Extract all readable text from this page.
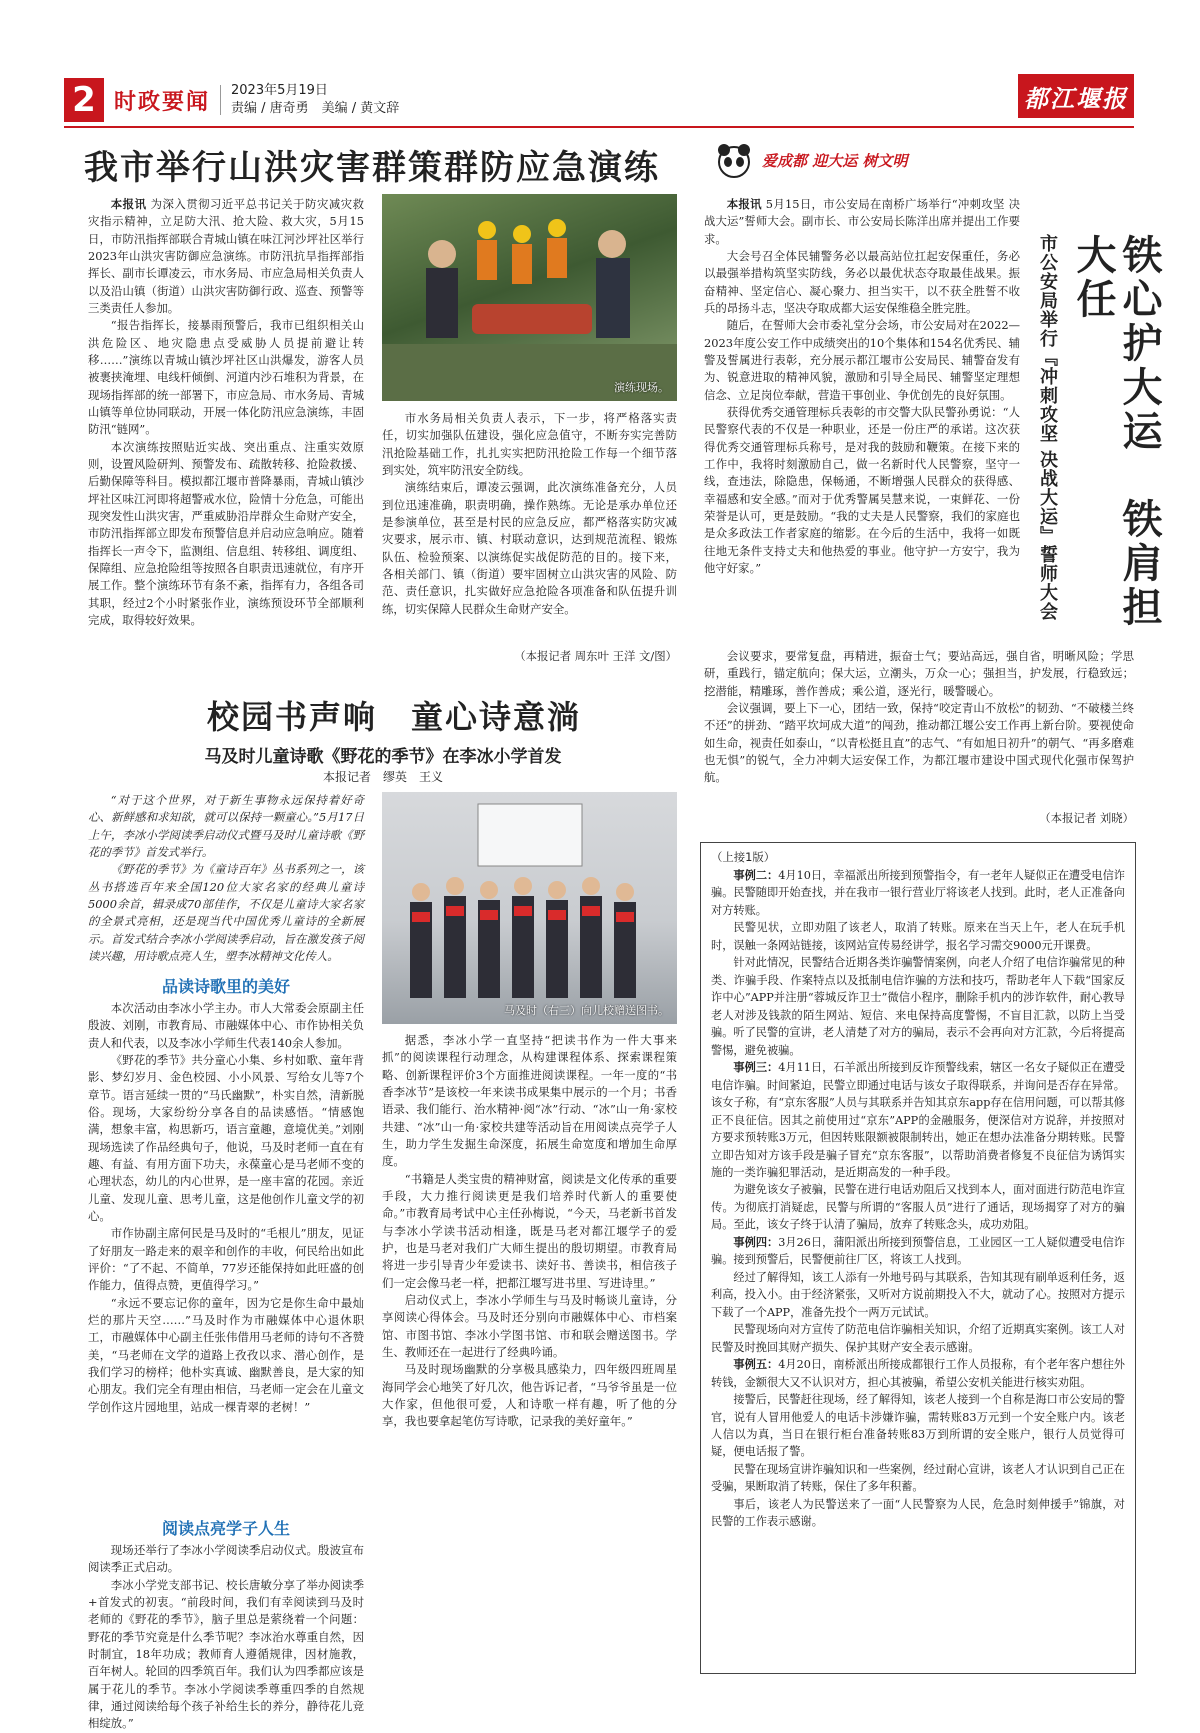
2 时政要闻 2023年5月19日
责编 / 唐奇勇　美编 / 黄文辞	都江堰报
我市举行山洪灾害群策群防应急演练	爱成都 迎大运 树文明

本报讯 为深入贯彻习近平总书记关于防灾减灾救灾指示精神，立足防大汛、抢大险、救大灾，5月15日，市防汛指挥部联合青城山镇在味江河沙坪社区举行2023年山洪灾害防御应急演练。市防汛抗旱指挥部指挥长、副市长谭凌云，市水务局、市应急局相关负责人以及沿山镇（街道）山洪灾害防御行政、巡查、预警等三类责任人参加。

“报告指挥长，接暴雨预警后，我市已组织相关山洪危险区、地灾隐患点受威胁人员提前避让转移……”演练以青城山镇沙坪社区山洪爆发，游客人员被裹挟淹埋、电线杆倾倒、河道内沙石堆积为背景，在现场指挥部的统一部署下，市应急局、市水务局、青城山镇等单位协同联动，开展一体化防汛应急演练，丰固防汛“链网”。

本次演练按照贴近实战、突出重点、注重实效原则，设置风险研判、预警发布、疏散转移、抢险救援、后勤保障等科目。模拟都江堰市普降暴雨，青城山镇沙坪社区味江河即将超警戒水位，险情十分危急，可能出现突发性山洪灾害，严重威胁沿岸群众生命财产安全，市防汛指挥部立即发布预警信息并启动应急响应。随着指挥长一声令下，监测组、信息组、转移组、调度组、保障组、应急抢险组等按照各自职责迅速就位，有序开展工作。整个演练环节有条不紊，指挥有力，各组各司其职，经过2个小时紧张作业，演练预设环节全部顺利完成，取得较好效果。

演练现场。

市水务局相关负责人表示，下一步，将严格落实责任，切实加强队伍建设，强化应急值守，不断夯实完善防汛抢险基础工作，扎扎实实把防汛抢险工作每一个细节落到实处，筑牢防汛安全防线。

演练结束后，谭凌云强调，此次演练准备充分，人员到位迅速准确，职责明确，操作熟练。无论是承办单位还是参演单位，甚至是村民的应急反应，都严格落实防灾减灾要求，展示市、镇、村联动意识，达到规范流程、锻炼队伍、检验预案、以演练促实战促防范的目的。接下来，各相关部门、镇（街道）要牢固树立山洪灾害的风险、防范、责任意识，扎实做好应急抢险各项准备和队伍提升训练，切实保障人民群众生命财产安全。

（本报记者 周东叶 王洋 文/图）
铁心护大运　铁肩担大任
市公安局举行『冲刺攻坚 决战大运』誓师大会

本报讯 5月15日，市公安局在南桥广场举行“冲刺攻坚 决战大运”誓师大会。副市长、市公安局长陈洋出席并提出工作要求。

大会号召全体民辅警务必以最高站位扛起安保重任，务必以最强举措构筑坚实防线，务必以最优状态夺取最佳战果。振奋精神、坚定信心、凝心聚力、担当实干，以不获全胜誓不收兵的昂扬斗志，坚决夺取成都大运安保维稳全胜完胜。

随后，在誓师大会市委礼堂分会场，市公安局对在2022—2023年度公安工作中成绩突出的10个集体和154名优秀民、辅警及誓属进行表彰，充分展示都江堰市公安局民、辅警奋发有为、锐意进取的精神风貌，激励和引导全局民、辅警坚定理想信念、立足岗位奉献，营造干事创业、争优创先的良好氛围。

获得优秀交通管理标兵表彰的市交警大队民警孙勇说：“人民警察代表的不仅是一种职业，还是一份庄严的承诺。这次获得优秀交通管理标兵称号，是对我的鼓励和鞭策。在接下来的工作中，我将时刻激励自己，做一名新时代人民警察，坚守一线，查违法，除隐患，保畅通，不断增强人民群众的获得感、幸福感和安全感。”而对于优秀警属吴慧来说，一束鲜花、一份荣誉是认可，更是鼓励。“我的丈夫是人民警察，我们的家庭也是众多政法工作者家庭的缩影。在今后的生活中，我将一如既往地无条件支持丈夫和他热爱的事业。他守护一方安宁，我为他守好家。”

会议要求，要常复盘，再精进，振奋士气；要站高远，强自省，明晰风险；学思研，重践行，锚定航向；保大运，立潮头，万众一心；强担当，护发展，行稳致远；挖潜能，精雕琢，善作善成；乘公道，逐光行，暖警暖心。

会议强调，要上下一心，团结一致，保持“咬定青山不放松”的韧劲、“不破楼兰终不还”的拼劲、“踏平坎坷成大道”的闯劲，推动都江堰公安工作再上新台阶。要视使命如生命，视责任如泰山，“以青松挺且直”的志气、“有如旭日初升”的朝气、“再多磨难也无惧”的锐气，全力冲刺大运安保工作，为都江堰市建设中国式现代化强市保驾护航。

（本报记者 刘晓）
校园书声响　童心诗意淌
马及时儿童诗歌《野花的季节》在李冰小学首发
本报记者　缪英　王义

“对于这个世界，对于新生事物永远保持着好奇心、新鲜感和求知欲，就可以保持一颗童心。”5月17日上午，李冰小学阅读季启动仪式暨马及时儿童诗歌《野花的季节》首发式举行。

《野花的季节》为《童诗百年》丛书系列之一，该丛书搭选百年来全国120位大家名家的经典儿童诗5000余首，辑录成70部佳作，不仅是儿童诗大家名家的全景式亮相，还是现当代中国优秀儿童诗的全新展示。首发式结合李冰小学阅读季启动，旨在激发孩子阅读兴趣，用诗歌点亮人生，塑李冰精神文化传人。

马及时（右三）向儿校赠送图书。
品读诗歌里的美好

本次活动由李冰小学主办。市人大常委会原副主任殷波、刘刚，市教育局、市融媒体中心、市作协相关负责人和代表，以及李冰小学师生代表140余人参加。

《野花的季节》共分童心小集、乡村如歌、童年背影、梦幻岁月、金色校园、小小风景、写给女儿等7个章节。语言延续一贯的“马氏幽默”，朴实自然，清新脱俗。现场，大家纷纷分享各自的品读感悟。“情感饱满，想象丰富，构思新巧，语言童趣，意境优美。”刘刚现场选读了作品经典句子，他说，马及时老师一直在有趣、有益、有用方面下功夫，永葆童心是马老师不变的心理状态，幼儿的内心世界，是一座丰富的花园。亲近儿童、发现儿童、思考儿童，这是他创作儿童文学的初心。

市作协副主席何民是马及时的“毛根儿”朋友，见证了好朋友一路走来的艰辛和创作的丰收，何民给出如此评价：“了不起、不简单，77岁还能保持如此旺盛的创作能力，值得点赞，更值得学习。”

“永远不要忘记你的童年，因为它是你生命中最灿烂的那片天空……”马及时作为市融媒体中心退休职工，市融媒体中心副主任张伟借用马老师的诗句不吝赞美，“马老师在文学的道路上孜孜以求、潜心创作，是我们学习的榜样；他朴实真诚、幽默善良，是大家的知心朋友。我们完全有理由相信，马老师一定会在儿童文学创作这片园地里，站成一棵青翠的老树！”

阅读点亮学子人生

现场还举行了李冰小学阅读季启动仪式。殷波宣布阅读季正式启动。

李冰小学党支部书记、校长唐敏分享了举办阅读季+首发式的初衷。“前段时间，我们有幸阅读到马及时老师的《野花的季节》，脑子里总是萦绕着一个问题：野花的季节究竟是什么季节呢？李冰治水尊重自然，因时制宜，18年功成；教师育人遵循规律，因材施教，百年树人。轮回的四季筑百年。我们认为四季都应该是属于花儿的季节。李冰小学阅读季尊重四季的自然规律，通过阅读给每个孩子补给生长的养分，静待花儿竞相绽放。”

据悉，李冰小学一直坚持“把读书作为一件大事来抓”的阅读课程行动理念，从构建课程体系、探索课程策略、创新课程评价3个方面推进阅读课程。一年一度的“书香李冰节”是该校一年来读书成果集中展示的一个月；书香语录、我们能行、治水精神·阅“冰”行动、“冰”山一角·家校共建、“冰”山一角·家校共建等活动旨在用阅读点亮学子人生，助力学生发掘生命深度，拓展生命宽度和增加生命厚度。

“书籍是人类宝贵的精神财富，阅读是文化传承的重要手段，大力推行阅读更是我们培养时代新人的重要使命。”市教育局考试中心主任孙梅说，“今天，马老新书首发与李冰小学读书活动相逢，既是马老对都江堰学子的爱护，也是马老对我们广大师生提出的殷切期望。市教育局将进一步引导青少年爱读书、读好书、善读书，相信孩子们一定会像马老一样，把都江堰写进书里、写进诗里。”

启动仪式上，李冰小学师生与马及时畅谈儿童诗，分享阅读心得体会。马及时还分别向市融媒体中心、市档案馆、市图书馆、李冰小学图书馆、市和联会赠送图书。学生、教师还在一起进行了经典吟诵。

马及时现场幽默的分享极具感染力，四年级四班周星海同学会心地笑了好几次，他告诉记者，“马爷爷虽是一位大作家，但他很可爱，人和诗歌一样有趣，听了他的分享，我也要拿起笔仿写诗歌，记录我的美好童年。”

（上接1版）

事例二：4月10日，幸福派出所接到预警指令，有一老年人疑似正在遭受电信诈骗。民警随即开始查找，并在我市一银行营业厅将该老人找到。此时，老人正准备向对方转账。

民警见状，立即劝阻了该老人，取消了转账。原来在当天上午，老人在玩手机时，误触一条网站链接，该网站宣传易经讲学，报名学习需交9000元开课费。

针对此情况，民警结合近期各类诈骗警情案例，向老人介绍了电信诈骗常见的种类、诈骗手段、作案特点以及抵制电信诈骗的方法和技巧，帮助老年人下载“国家反诈中心”APP并注册“蓉城反诈卫士”微信小程序，删除手机内的涉诈软件，耐心教导老人对涉及钱款的陌生网站、短信、来电保持高度警惕，不盲目汇款，以防上当受骗。听了民警的宣讲，老人清楚了对方的骗局，表示不会再向对方汇款，今后将提高警惕，避免被骗。

事例三：4月11日，石羊派出所接到反诈预警线索，辖区一名女子疑似正在遭受电信诈骗。时间紧迫，民警立即通过电话与该女子取得联系，并询问是否存在异常。该女子称，有“京东客服”人员与其联系并告知其京东app存在信用问题，可以帮其修正不良征信。因其之前使用过“京东”APP的金融服务，便深信对方说辞，并按照对方要求预转账3万元，但因转账限额被限制转出，她正在想办法准备分期转账。民警立即告知对方该手段是骗子冒充“京东客服”，以帮助消费者修复不良征信为诱饵实施的一类诈骗犯罪活动，是近期高发的一种手段。

为避免该女子被骗，民警在进行电话劝阻后又找到本人，面对面进行防范电诈宣传。为彻底打消疑虑，民警与所谓的“客服人员”进行了通话，现场揭穿了对方的骗局。至此，该女子终于认清了骗局，放弃了转账念头，成功劝阻。

事例四：3月26日，蒲阳派出所接到预警信息，工业园区一工人疑似遭受电信诈骗。接到预警后，民警便前往厂区，将该工人找到。

经过了解得知，该工人添有一外地号码与其联系，告知其现有刷单返利任务，返利高，投入小。由于经济紧张，又听对方说前期投入不大，就动了心。按照对方提示下载了一个APP，准备先投个一两万元试试。

民警现场向对方宣传了防范电信诈骗相关知识，介绍了近期真实案例。该工人对民警及时挽回其财产损失、保护其财产安全表示感谢。

事例五：4月20日，南桥派出所接成都银行工作人员报称，有个老年客户想往外转钱，金额很大又不认识对方，担心其被骗，希望公安机关能进行核实劝阻。

接警后，民警赶往现场，经了解得知，该老人接到一个自称是海口市公安局的警官，说有人冒用他爱人的电话卡涉嫌诈骗，需转账83万元到一个安全账户内。该老人信以为真，当日在银行柜台准备转账83万到所谓的安全账户，银行人员觉得可疑，便电话报了警。

民警在现场宣讲诈骗知识和一些案例，经过耐心宣讲，该老人才认识到自己正在受骗，果断取消了转账，保住了多年积蓄。

事后，该老人为民警送来了一面“人民警察为人民，危急时刻伸援手”锦旗，对民警的工作表示感谢。
